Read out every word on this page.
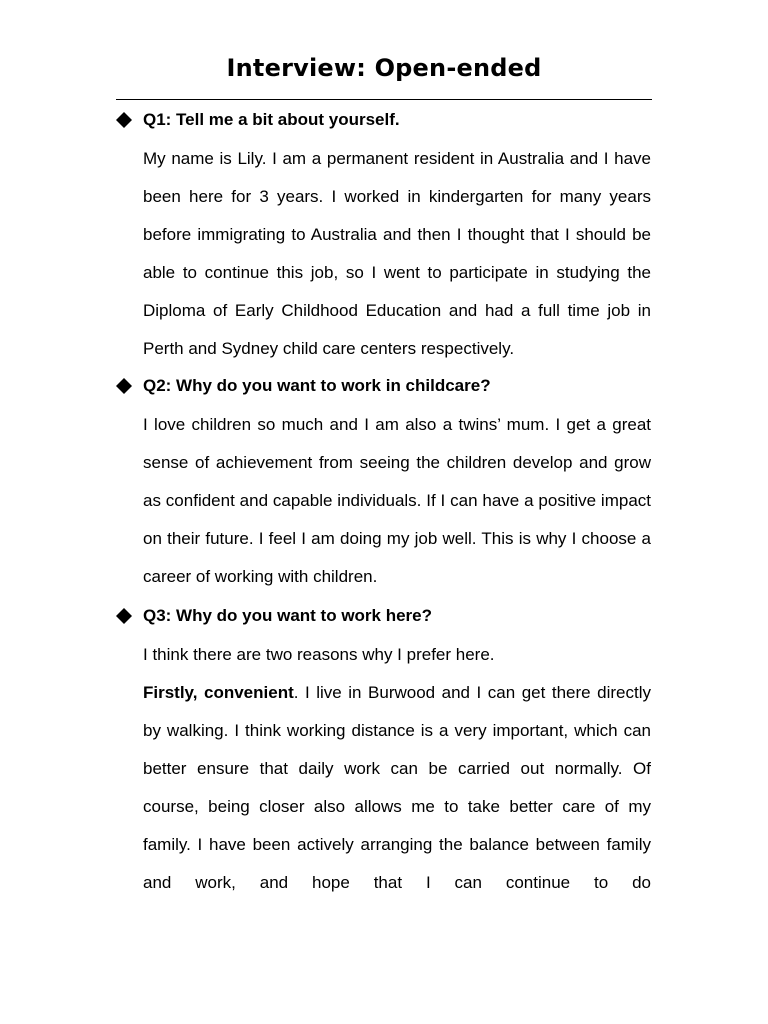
Interview: Open-ended
Q1: Tell me a bit about yourself.

My name is Lily. I am a permanent resident in Australia and I have been here for 3 years. I worked in kindergarten for many years before immigrating to Australia and then I thought that I should be able to continue this job, so I went to participate in studying the Diploma of Early Childhood Education and had a full time job in Perth and Sydney child care centers respectively.

Q2: Why do you want to work in childcare?

I love children so much and I am also a twins’ mum. I get a great sense of achievement from seeing the children develop and grow as confident and capable individuals. If I can have a positive impact on their future. I feel I am doing my job well. This is why I choose a career of working with children.

Q3: Why do you want to work here?

I think there are two reasons why I prefer here.

Firstly, convenient. I live in Burwood and I can get there directly by walking. I think working distance is a very important, which can better ensure that daily work can be carried out normally. Of course, being closer also allows me to take better care of my family. I have been actively arranging the balance between family and work, and hope that I can continue to do
